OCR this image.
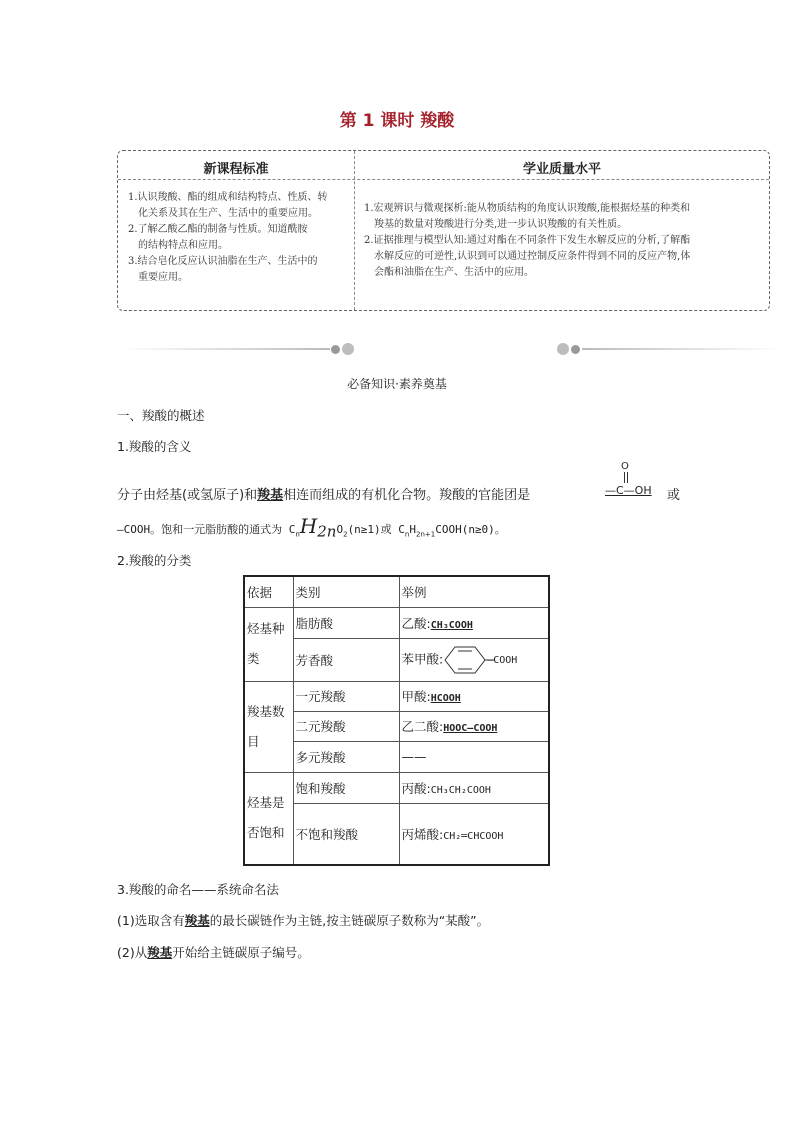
第 1 课时 羧酸
新课程标准	学业质量水平
1.认识羧酸、酯的组成和结构特点、性质、转
化关系及其在生产、生活中的重要应用。
2.了解乙酸乙酯的制备与性质。知道酰胺
的结构特点和应用。
3.结合皂化反应认识油脂在生产、生活中的
重要应用。
1.宏观辨识与微观探析:能从物质结构的角度认识羧酸,能根据烃基的种类和
羧基的数量对羧酸进行分类,进一步认识羧酸的有关性质。
2.证据推理与模型认知:通过对酯在不同条件下发生水解反应的分析,了解酯
水解反应的可逆性,认识到可以通过控制反应条件得到不同的反应产物,体
会酯和油脂在生产、生活中的应用。
必备知识·素养奠基
一、羧酸的概述
1.羧酸的含义
分子由烃基(或氢原子)和羧基相连而组成的有机化合物。羧酸的官能团是
O
—C—OH 或
—COOH。饱和一元脂肪酸的通式为 $C_nH_{2n}O_2(n\ge 1)$或 $C_nH_{2n+1}COOH(n\ge 0)$。
2.羧酸的分类
依据	类别	举例
烃基种类	脂肪酸	乙酸:CH₃COOH
	芳香酸	苯甲酸: —COOH
羧基数目	一元羧酸	甲酸:HCOOH
	二元羧酸	乙二酸:HOOC—COOH
	多元羧酸	——
烃基是否饱和	饱和羧酸	丙酸:CH₃CH₂COOH
	不饱和羧酸	丙烯酸:CH₂═CHCOOH
3.羧酸的命名——系统命名法
(1)选取含有羧基的最长碳链作为主链,按主链碳原子数称为“某酸”。
(2)从羧基开始给主链碳原子编号。
